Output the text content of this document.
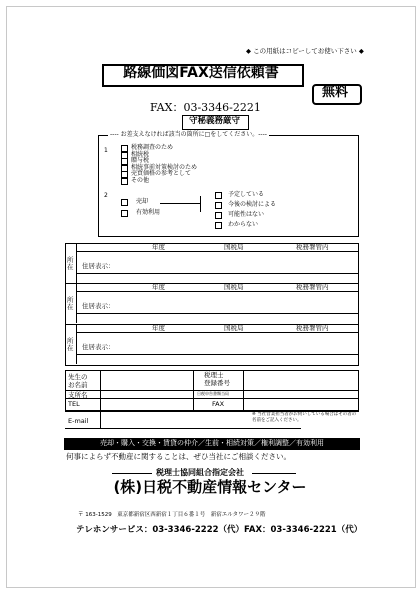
◆ この用紙はコピーしてお使い下さい ◆
路線価図FAX送信依頼書
無料
FAX：03-3346-2221
守秘義務厳守
---- お差支えなければ該当の箇所に□をしてください。----
1	税務調査のため
相続税
贈与税
相続事前対策検討のため
売買価格の参考として
その他
2
売却
有効利用
予定している
今後の検討による
可能性はない
わからない
年度	国税局	税務署管内
所在 住居表示：
年度	国税局	税務署管内
所在 住居表示：
年度	国税局	税務署管内
所在 住居表示：
先生の
お名前
税理士
登録番号
支所名	日税申告書類当局
TEL	FAX
E-mail
※ 当社営業担当者がお伺いしている場合はその者の名前をご記入ください。
売却・購入・交換・賃貸の仲介／生前・相続対策／権利調整／有効利用
何事によらず不動産に関することは、ぜひ当社にご相談ください。
税理士協同組合指定会社
(株)日税不動産情報センター
〒 163-1529　東京都新宿区西新宿１丁目６番１号　新宿エルタワー２９階
テレホンサービス：03-3346-2222（代）FAX：03-3346-2221（代）
